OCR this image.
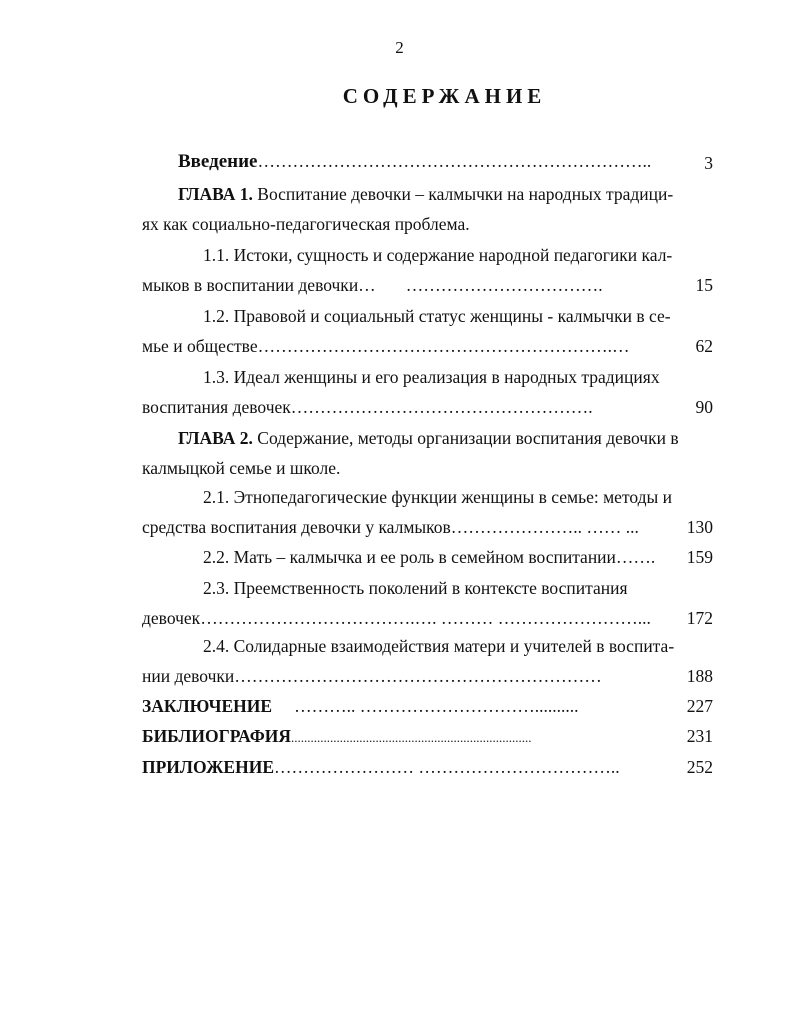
2
СОДЕРЖАНИЕ
Введение…………………………………………………………..	3
ГЛАВА 1. Воспитание девочки – калмычки на народных традици-
ях как социально-педагогическая проблема.
1.1. Истоки, сущность и содержание народной педагогики кал-
мыков в воспитании девочки… …………………………….	15
1.2. Правовой и социальный статус женщины - калмычки в се-
мье и обществе…………………………………………………….…	62
1.3. Идеал женщины и его реализация в народных традициях
воспитания девочек…………………………………………….	90
ГЛАВА 2. Содержание, методы организации воспитания девочки в
калмыцкой семье и школе.
2.1. Этнопедагогические функции женщины в семье: методы и
средства воспитания девочки у калмыков………………….. …… ...	130
2.2. Мать – калмычка и ее роль в семейном воспитании……. 159
2.3. Преемственность поколений в контексте воспитания
девочек……………………………….…. ……… ……………………... 172
2.4. Солидарные взаимодействия матери и учителей в воспита-
нии девочки………………………………………………………	188
ЗАКЛЮЧЕНИЕ ……….. …………………………..........	227
БИБЛИОГРАФИЯ..........................................................................	231
ПРИЛОЖЕНИЕ…………………… ……………………………..	252
